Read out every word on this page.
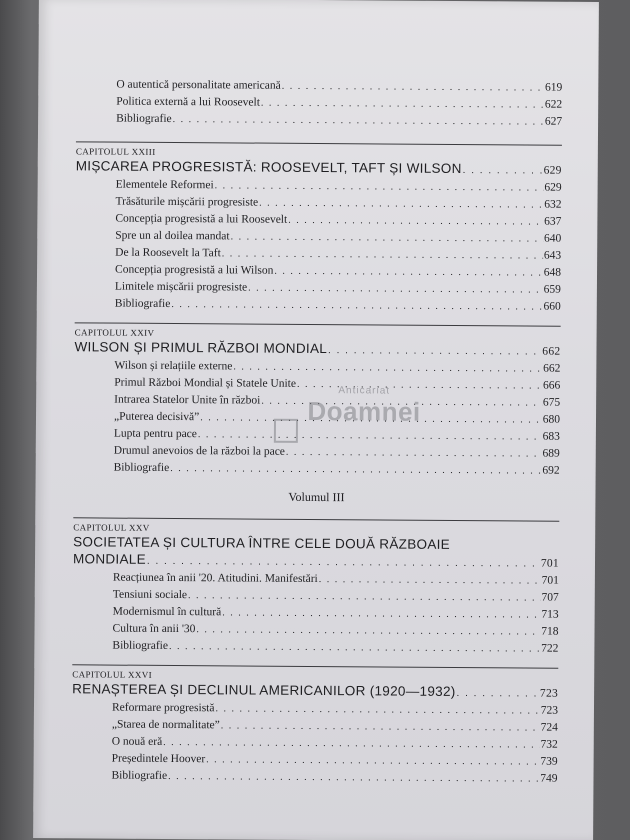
O autentică personalitate americană . . .	619
Politica externă a lui Roosevelt . . .	622
Bibliografie . . .	627
CAPITOLUL XXIII
MIȘCAREA PROGRESISTĂ: ROOSEVELT, TAFT ȘI WILSON . . .	629
Elementele Reformei . . .	629
Trăsăturile mișcării progresiste . . .	632
Concepția progresistă a lui Roosevelt . . .	637
Spre un al doilea mandat . . .	640
De la Roosevelt la Taft . . .	643
Concepția progresistă a lui Wilson . . .	648
Limitele mișcării progresiste . . .	659
Bibliografie . . .	660
CAPITOLUL XXIV
WILSON ȘI PRIMUL RĂZBOI MONDIAL . . .	662
Wilson și relațiile externe . . .	662
Primul Război Mondial și Statele Unite . . .	666
Intrarea Statelor Unite în război . . .	675
„Puterea decisivă” . . .	680
Lupta pentru pace . . .	683
Drumul anevoios de la război la pace . . .	689
Bibliografie . . .	692
Volumul III
CAPITOLUL XXV
SOCIETATEA ȘI CULTURA ÎNTRE CELE DOUĂ RĂZBOAIE
MONDIALE . . .	701
Reacțiunea în anii '20. Atitudini. Manifestări . . .	701
Tensiuni sociale . . .	707
Modernismul în cultură . . .	713
Cultura în anii '30 . . .	718
Bibliografie . . .	722
CAPITOLUL XXVI
RENAȘTEREA ȘI DECLINUL AMERICANILOR (1920—1932) . . .	723
Reformare progresistă . . .	723
„Starea de normalitate” . . .	724
O nouă eră . . .	732
Președintele Hoover . . .	739
Bibliografie . . .	749
Anticariat
Doamnei
